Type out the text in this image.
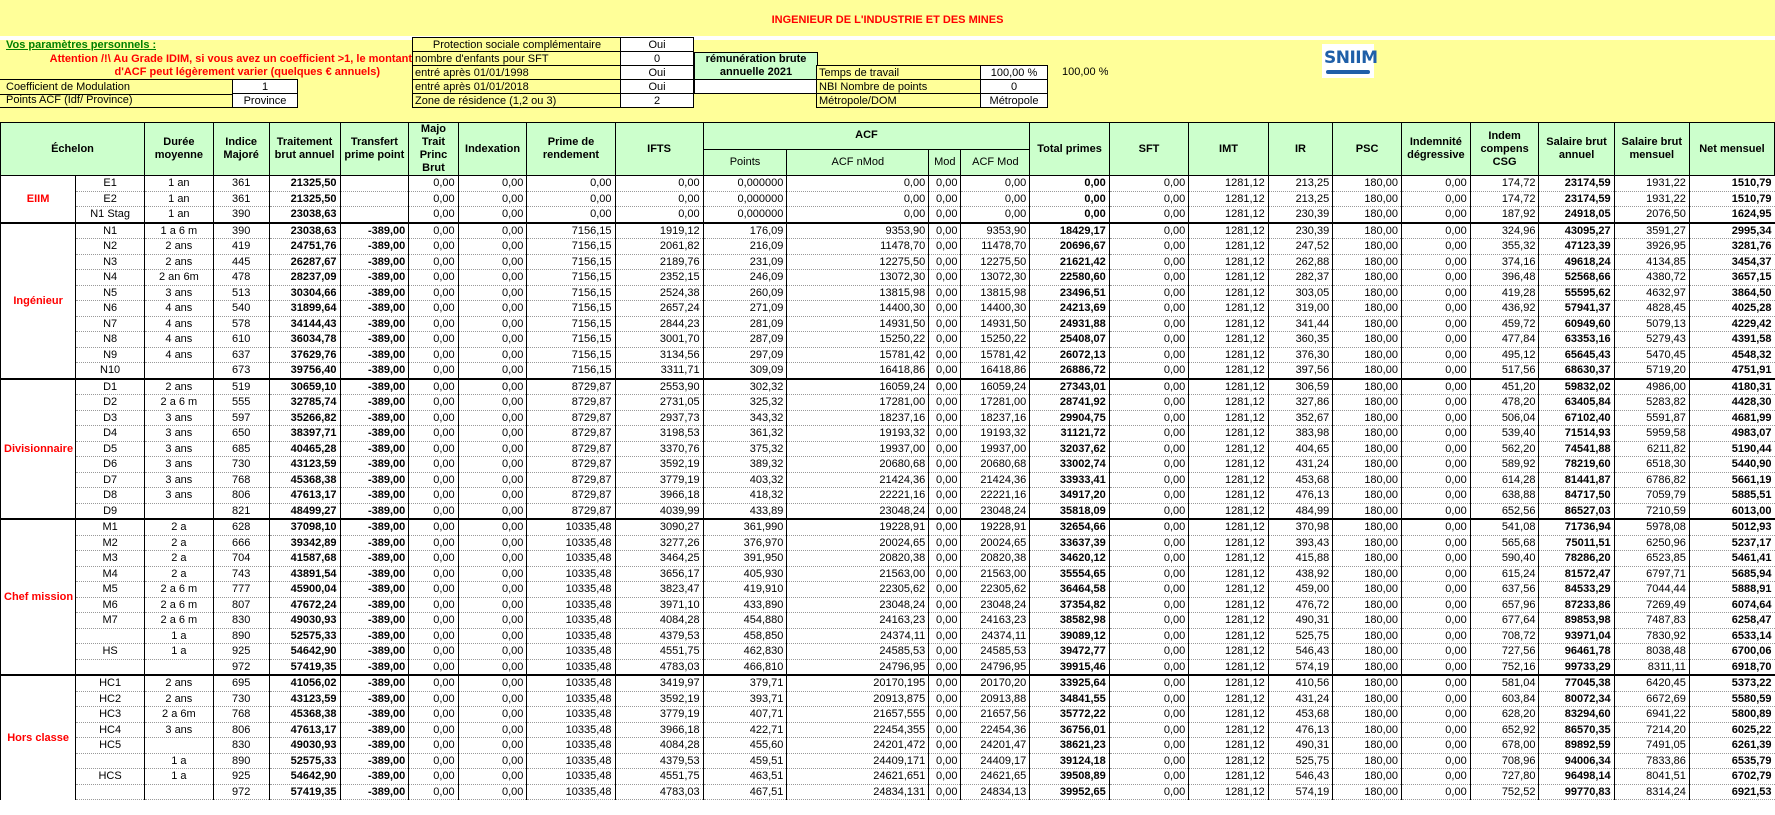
INGENIEUR DE L'INDUSTRIE ET DES MINES
Vos paramètres personnels :
Attention /!\ Au Grade IDIM, si vous avez un coefficient >1, le montant
d'ACF peut légèrement varier (quelques € annuels)
Coefficient de Modulation	1
Points ACF (Idf/ Province)	Province
Protection sociale complémentaire	Oui
nombre d'enfants pour SFT	0
entré après 01/01/1998	Oui
entré après 01/01/2018	Oui
Zone de résidence (1,2 ou 3)	2
rémunération brute
annuelle 2021	Temps de travail	100,00 %	100,00 %
NBI Nombre de points	0
Métropole/DOM	Métropole
SNIIM
Échelon		Durée moyenne	Indice Majoré	Traitement brut annuel	Transfert prime point	Majo Trait Princ Brut	Indexation	Prime de rendement	IFTS	ACF				Total primes	SFT	IMT	IR	PSC	Indemnité dégressive	Indem compens CSG	Salaire brut annuel	Salaire brut mensuel	Net mensuel
										Points	ACF nMod	Mod	ACF Mod										
EIIM	E1	1 an	361	21325,50		0,00	0,00	0,00	0,00	0,000000	0,00	0,00	0,00	0,00	0,00	1281,12	213,25	180,00	0,00	174,72	23174,59	1931,22	1510,79
	E2	1 an	361	21325,50		0,00	0,00	0,00	0,00	0,000000	0,00	0,00	0,00	0,00	0,00	1281,12	213,25	180,00	0,00	174,72	23174,59	1931,22	1510,79
	N1 Stag	1 an	390	23038,63		0,00	0,00	0,00	0,00	0,000000	0,00	0,00	0,00	0,00	0,00	1281,12	230,39	180,00	0,00	187,92	24918,05	2076,50	1624,95
Ingénieur	N1	1 a 6 m	390	23038,63	-389,00	0,00	0,00	7156,15	1919,12	176,09	9353,90	0,00	9353,90	18429,17	0,00	1281,12	230,39	180,00	0,00	324,96	43095,27	3591,27	2995,34
	N2	2 ans	419	24751,76	-389,00	0,00	0,00	7156,15	2061,82	216,09	11478,70	0,00	11478,70	20696,67	0,00	1281,12	247,52	180,00	0,00	355,32	47123,39	3926,95	3281,76
	N3	2 ans	445	26287,67	-389,00	0,00	0,00	7156,15	2189,76	231,09	12275,50	0,00	12275,50	21621,42	0,00	1281,12	262,88	180,00	0,00	374,16	49618,24	4134,85	3454,37
	N4	2 an 6m	478	28237,09	-389,00	0,00	0,00	7156,15	2352,15	246,09	13072,30	0,00	13072,30	22580,60	0,00	1281,12	282,37	180,00	0,00	396,48	52568,66	4380,72	3657,15
	N5	3 ans	513	30304,66	-389,00	0,00	0,00	7156,15	2524,38	260,09	13815,98	0,00	13815,98	23496,51	0,00	1281,12	303,05	180,00	0,00	419,28	55595,62	4632,97	3864,50
	N6	4 ans	540	31899,64	-389,00	0,00	0,00	7156,15	2657,24	271,09	14400,30	0,00	14400,30	24213,69	0,00	1281,12	319,00	180,00	0,00	436,92	57941,37	4828,45	4025,28
	N7	4 ans	578	34144,43	-389,00	0,00	0,00	7156,15	2844,23	281,09	14931,50	0,00	14931,50	24931,88	0,00	1281,12	341,44	180,00	0,00	459,72	60949,60	5079,13	4229,42
	N8	4 ans	610	36034,78	-389,00	0,00	0,00	7156,15	3001,70	287,09	15250,22	0,00	15250,22	25408,07	0,00	1281,12	360,35	180,00	0,00	477,84	63353,16	5279,43	4391,58
	N9	4 ans	637	37629,76	-389,00	0,00	0,00	7156,15	3134,56	297,09	15781,42	0,00	15781,42	26072,13	0,00	1281,12	376,30	180,00	0,00	495,12	65645,43	5470,45	4548,32
	N10		673	39756,40	-389,00	0,00	0,00	7156,15	3311,71	309,09	16418,86	0,00	16418,86	26886,72	0,00	1281,12	397,56	180,00	0,00	517,56	68630,37	5719,20	4751,91
Divisionnaire	D1	2 ans	519	30659,10	-389,00	0,00	0,00	8729,87	2553,90	302,32	16059,24	0,00	16059,24	27343,01	0,00	1281,12	306,59	180,00	0,00	451,20	59832,02	4986,00	4180,31
	D2	2 a 6 m	555	32785,74	-389,00	0,00	0,00	8729,87	2731,05	325,32	17281,00	0,00	17281,00	28741,92	0,00	1281,12	327,86	180,00	0,00	478,20	63405,84	5283,82	4428,30
	D3	3 ans	597	35266,82	-389,00	0,00	0,00	8729,87	2937,73	343,32	18237,16	0,00	18237,16	29904,75	0,00	1281,12	352,67	180,00	0,00	506,04	67102,40	5591,87	4681,99
	D4	3 ans	650	38397,71	-389,00	0,00	0,00	8729,87	3198,53	361,32	19193,32	0,00	19193,32	31121,72	0,00	1281,12	383,98	180,00	0,00	539,40	71514,93	5959,58	4983,07
	D5	3 ans	685	40465,28	-389,00	0,00	0,00	8729,87	3370,76	375,32	19937,00	0,00	19937,00	32037,62	0,00	1281,12	404,65	180,00	0,00	562,20	74541,88	6211,82	5190,44
	D6	3 ans	730	43123,59	-389,00	0,00	0,00	8729,87	3592,19	389,32	20680,68	0,00	20680,68	33002,74	0,00	1281,12	431,24	180,00	0,00	589,92	78219,60	6518,30	5440,90
	D7	3 ans	768	45368,38	-389,00	0,00	0,00	8729,87	3779,19	403,32	21424,36	0,00	21424,36	33933,41	0,00	1281,12	453,68	180,00	0,00	614,28	81441,87	6786,82	5661,19
	D8	3 ans	806	47613,17	-389,00	0,00	0,00	8729,87	3966,18	418,32	22221,16	0,00	22221,16	34917,20	0,00	1281,12	476,13	180,00	0,00	638,88	84717,50	7059,79	5885,51
	D9		821	48499,27	-389,00	0,00	0,00	8729,87	4039,99	433,89	23048,24	0,00	23048,24	35818,09	0,00	1281,12	484,99	180,00	0,00	652,56	86527,03	7210,59	6013,00
Chef mission	M1	2 a	628	37098,10	-389,00	0,00	0,00	10335,48	3090,27	361,990	19228,91	0,00	19228,91	32654,66	0,00	1281,12	370,98	180,00	0,00	541,08	71736,94	5978,08	5012,93
	M2	2 a	666	39342,89	-389,00	0,00	0,00	10335,48	3277,26	376,970	20024,65	0,00	20024,65	33637,39	0,00	1281,12	393,43	180,00	0,00	565,68	75011,51	6250,96	5237,17
	M3	2 a	704	41587,68	-389,00	0,00	0,00	10335,48	3464,25	391,950	20820,38	0,00	20820,38	34620,12	0,00	1281,12	415,88	180,00	0,00	590,40	78286,20	6523,85	5461,41
	M4	2 a	743	43891,54	-389,00	0,00	0,00	10335,48	3656,17	405,930	21563,00	0,00	21563,00	35554,65	0,00	1281,12	438,92	180,00	0,00	615,24	81572,47	6797,71	5685,94
	M5	2 a 6 m	777	45900,04	-389,00	0,00	0,00	10335,48	3823,47	419,910	22305,62	0,00	22305,62	36464,58	0,00	1281,12	459,00	180,00	0,00	637,56	84533,29	7044,44	5888,91
	M6	2 a 6 m	807	47672,24	-389,00	0,00	0,00	10335,48	3971,10	433,890	23048,24	0,00	23048,24	37354,82	0,00	1281,12	476,72	180,00	0,00	657,96	87233,86	7269,49	6074,64
	M7	2 a 6 m	830	49030,93	-389,00	0,00	0,00	10335,48	4084,28	454,880	24163,23	0,00	24163,23	38582,98	0,00	1281,12	490,31	180,00	0,00	677,64	89853,98	7487,83	6258,47
		1 a	890	52575,33	-389,00	0,00	0,00	10335,48	4379,53	458,850	24374,11	0,00	24374,11	39089,12	0,00	1281,12	525,75	180,00	0,00	708,72	93971,04	7830,92	6533,14
	HS	1 a	925	54642,90	-389,00	0,00	0,00	10335,48	4551,75	462,830	24585,53	0,00	24585,53	39472,77	0,00	1281,12	546,43	180,00	0,00	727,56	96461,78	8038,48	6700,06
			972	57419,35	-389,00	0,00	0,00	10335,48	4783,03	466,810	24796,95	0,00	24796,95	39915,46	0,00	1281,12	574,19	180,00	0,00	752,16	99733,29	8311,11	6918,70
Hors classe	HC1	2 ans	695	41056,02	-389,00	0,00	0,00	10335,48	3419,97	379,71	20170,195	0,00	20170,20	33925,64	0,00	1281,12	410,56	180,00	0,00	581,04	77045,38	6420,45	5373,22
	HC2	2 ans	730	43123,59	-389,00	0,00	0,00	10335,48	3592,19	393,71	20913,875	0,00	20913,88	34841,55	0,00	1281,12	431,24	180,00	0,00	603,84	80072,34	6672,69	5580,59
	HC3	2 a 6m	768	45368,38	-389,00	0,00	0,00	10335,48	3779,19	407,71	21657,555	0,00	21657,56	35772,22	0,00	1281,12	453,68	180,00	0,00	628,20	83294,60	6941,22	5800,89
	HC4	3 ans	806	47613,17	-389,00	0,00	0,00	10335,48	3966,18	422,71	22454,355	0,00	22454,36	36756,01	0,00	1281,12	476,13	180,00	0,00	652,92	86570,35	7214,20	6025,22
	HC5		830	49030,93	-389,00	0,00	0,00	10335,48	4084,28	455,60	24201,472	0,00	24201,47	38621,23	0,00	1281,12	490,31	180,00	0,00	678,00	89892,59	7491,05	6261,39
		1 a	890	52575,33	-389,00	0,00	0,00	10335,48	4379,53	459,51	24409,171	0,00	24409,17	39124,18	0,00	1281,12	525,75	180,00	0,00	708,96	94006,34	7833,86	6535,79
	HCS	1 a	925	54642,90	-389,00	0,00	0,00	10335,48	4551,75	463,51	24621,651	0,00	24621,65	39508,89	0,00	1281,12	546,43	180,00	0,00	727,80	96498,14	8041,51	6702,79
			972	57419,35	-389,00	0,00	0,00	10335,48	4783,03	467,51	24834,131	0,00	24834,13	39952,65	0,00	1281,12	574,19	180,00	0,00	752,52	99770,83	8314,24	6921,53
